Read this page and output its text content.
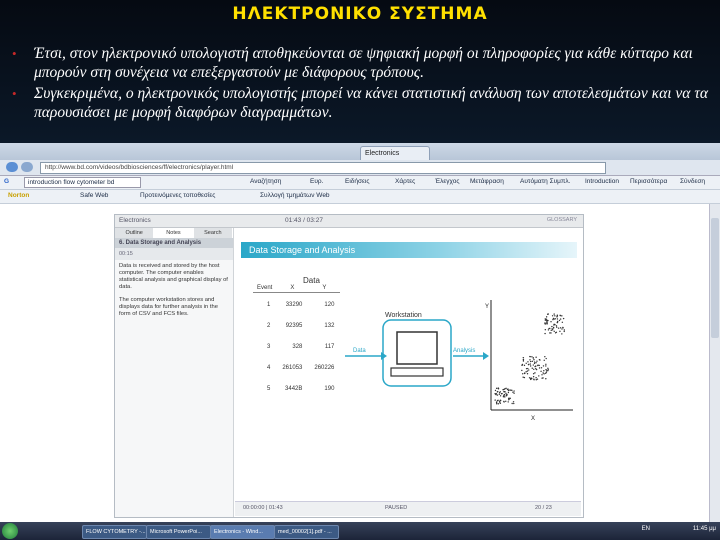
ΗΛΕΚΤΡΟΝΙΚΟ ΣΥΣΤΗΜΑ
• Έτσι, στον ηλεκτρονικό υπολογιστή αποθηκεύονται σε ψηφιακή μορφή οι πληροφορίες για κάθε κύτταρο και μπορούν στη συνέχεια να επεξεργαστούν με διάφορους τρόπους.
• Συγκεκριμένα, ο ηλεκτρονικός υπολογιστής μπορεί να κάνει στατιστική ανάλυση των αποτελεσμάτων και να τα παρουσιάσει με μορφή διαφόρων διαγραμμάτων.
Electronics
http://www.bd.com/videos/bdbiosciences/ff/electronics/player.html
G	introduction flow cytometer bd	Αναζήτηση	Ευρ.	Ειδήσεις	Χάρτες	Έλεγχος Μετάφραση Αυτόματη Συμπλ. Introduction Περισσότερα Σύνδεση
Norton	Safe Web	Προτεινόμενες τοποθεσίες	Συλλογή τμημάτων Web
Electronics	01:43 / 03:27	GLOSSARY
Outline	Notes	Search
6. Data Storage and Analysis
00:15
Data is received and stored by the host computer. The computer enables statistical analysis and graphical display of data.
The computer workstation stores and displays data for further analysis in the form of CSV and FCS files.
Data Storage and Analysis
Data
Event	X	Y
1	33290	120
2	92395	132
3	328	117
4	261053	260226
5	3442B	190
Y
X
Workstation
Data	Analysis
00:00:00 | 01:43	PAUSED	20 / 23
FLOW CYTOMETRY -... Microsoft PowerPoi...	Electronics - Wind...	med_00002[1].pdf - ...	EN	11:45 μμ
